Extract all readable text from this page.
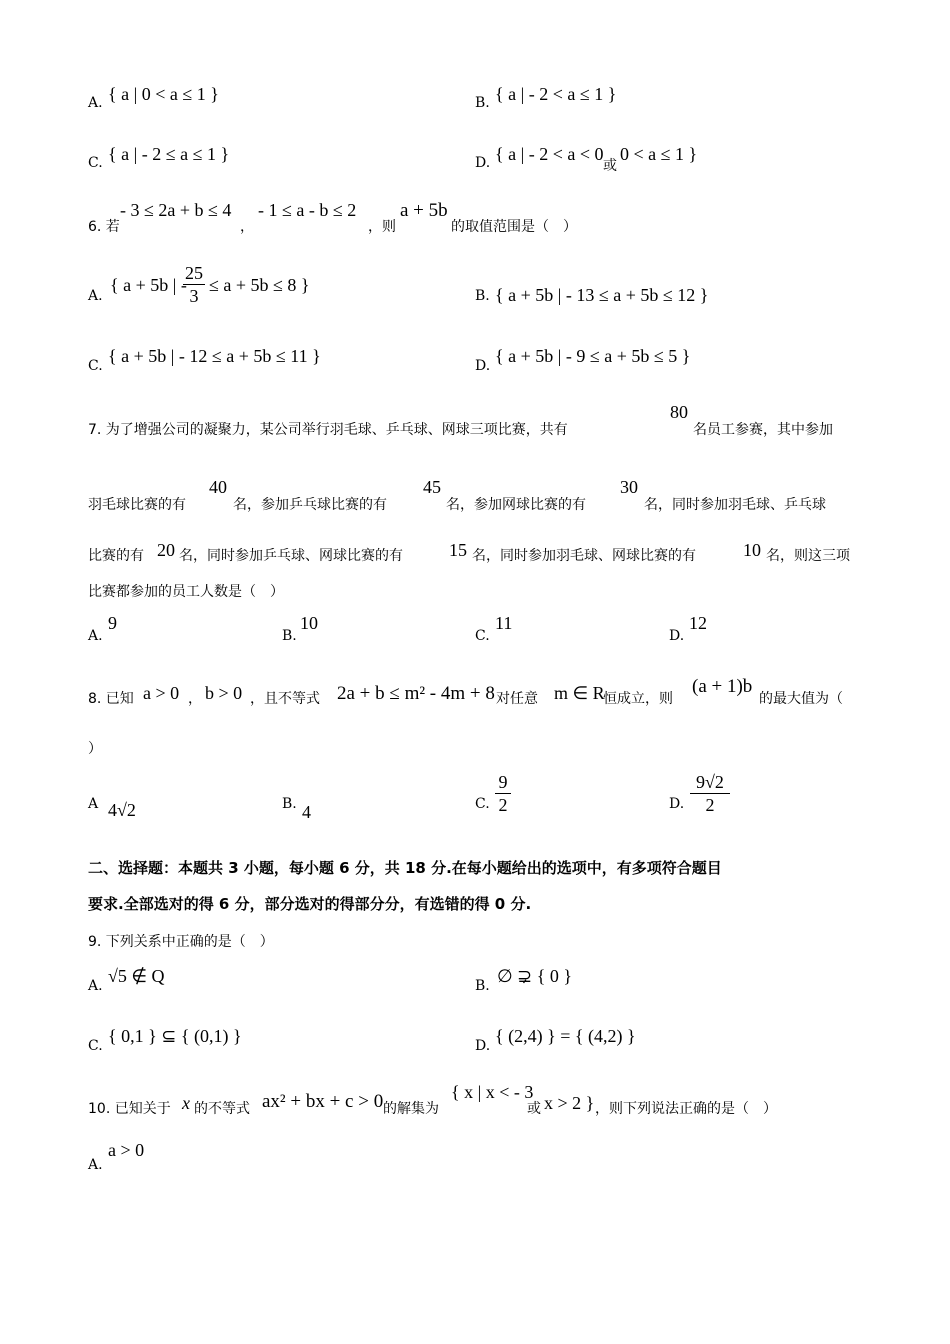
A. { a | 0 < a ≤ 1 }	B. { a | - 2 < a ≤ 1 }
C. { a | - 2 ≤ a ≤ 1 }	D. { a | - 2 < a < 0
或
0 < a ≤ 1 }
6. 若
- 3 ≤ 2a + b ≤ 4
，
- 1 ≤ a - b ≤ 2
，则
a + 5b
的取值范围是（　）
A.
{ a + 5b | -
25
3
≤ a + 5b ≤ 8 }
B. { a + 5b | - 13 ≤ a + 5b ≤ 12 }
C. { a + 5b | - 12 ≤ a + 5b ≤ 11 }	D. { a + 5b | - 9 ≤ a + 5b ≤ 5 }
7. 为了增强公司的凝聚力，某公司举行羽毛球、乒乓球、网球三项比赛，共有
80
名员工参赛，其中参加
羽毛球比赛的有
40
名，参加乒乓球比赛的有
45
名，参加网球比赛的有
30
名，同时参加羽毛球、乒乓球
比赛的有 20 名，同时参加乒乓球、网球比赛的有	15 名，同时参加羽毛球、网球比赛的有	10 名，则这三项
比赛都参加的员工人数是（　）
A.
9
B.
10
C.
11
D.
12
8. 已知 a > 0 ， b > 0 ，且不等式 2a + b ≤ m² - 4m + 8 对任意 m ∈ R
恒成立，则
(a + 1)b
的最大值为（
）
A 4√2	B. 4	C.
9
2	D.
9√2
2
二、选择题：本题共 3 小题，每小题 6 分，共 18 分.在每小题给出的选项中，有多项符合题目
要求.全部选对的得 6 分，部分选对的得部分分，有选错的得 0 分.
9. 下列关系中正确的是（　）
A. √5 ∉ Q	B. ∅ ⊋ { 0 }
C. { 0,1 } ⊆ { (0,1) }	D. { (2,4) } = { (4,2) }
10. 已知关于 x 的不等式 ax² + bx + c > 0 的解集为
{ x | x < - 3
或 x > 2 } ，则下列说法正确的是（　）
A.
a > 0
